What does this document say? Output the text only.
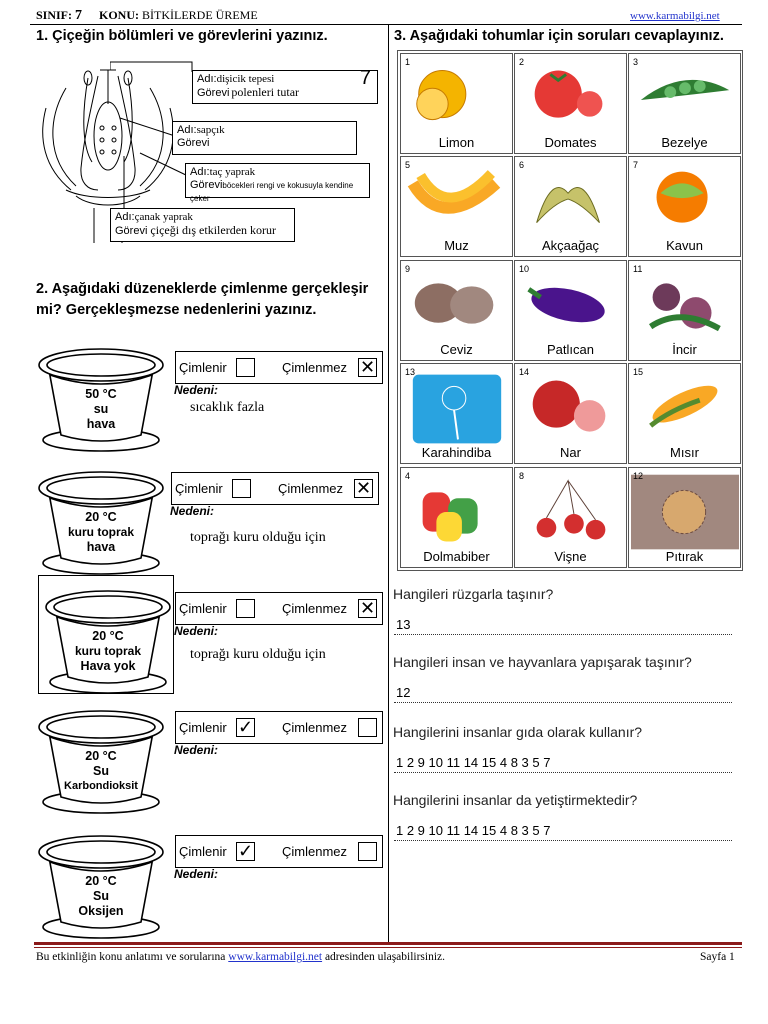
SINIF: 7 KONU: BİTKİLERDE ÜREME	www.karmabilgi.net
1. Çiçeğin bölümleri ve görevlerini yazınız.
Adı:dişicik tepesi
Görevi polenleri tutar
7
Adı:sapçık
Görevi
Adı:taç yaprak
Göreviböcekleri rengi ve kokusuyla kendine çeker
Adı:çanak yaprak
Görevi çiçeği dış etkilerden korur
2. Aşağıdaki düzeneklerde çimlenme gerçekleşir
mi? Gerçekleşmezse nedenlerini yazınız.
50 °C
su
hava
Çimlenir	Çimlenmez ✕
Nedeni:
sıcaklık fazla
20 °C
kuru toprak
hava
Çimlenir	Çimlenmez ✕
Nedeni:
toprağı kuru olduğu için
20 °C
kuru toprak
Hava yok
Çimlenir	Çimlenmez ✕
Nedeni:
toprağı kuru olduğu için
20 °C
Su
Karbondioksit
Çimlenir ✓ Çimlenmez
Nedeni:
20 °C
Su
Oksijen
Çimlenir ✓ Çimlenmez
Nedeni:
3. Aşağıdaki tohumlar için soruları cevaplayınız.
1
Limon
2
Domates
3
Bezelye
5
Muz
6
Akçaağaç
7
Kavun
9
Ceviz
10
Patlıcan
11
İncir
13
Karahindiba
14
Nar
15
Mısır
4
Dolmabiber
8
Vişne
12
Pıtırak
Hangileri rüzgarla taşınır?
13
Hangileri insan ve hayvanlara yapışarak taşınır?
12
Hangilerini insanlar gıda olarak kullanır?
1 2 9 10 11 14 15 4 8 3 5 7
Hangilerini insanlar da yetiştirmektedir?
1 2 9 10 11 14 15 4 8 3 5 7
Bu etkinliğin konu anlatımı ve sorularına www.karmabilgi.net adresinden ulaşabilirsiniz.	Sayfa 1
